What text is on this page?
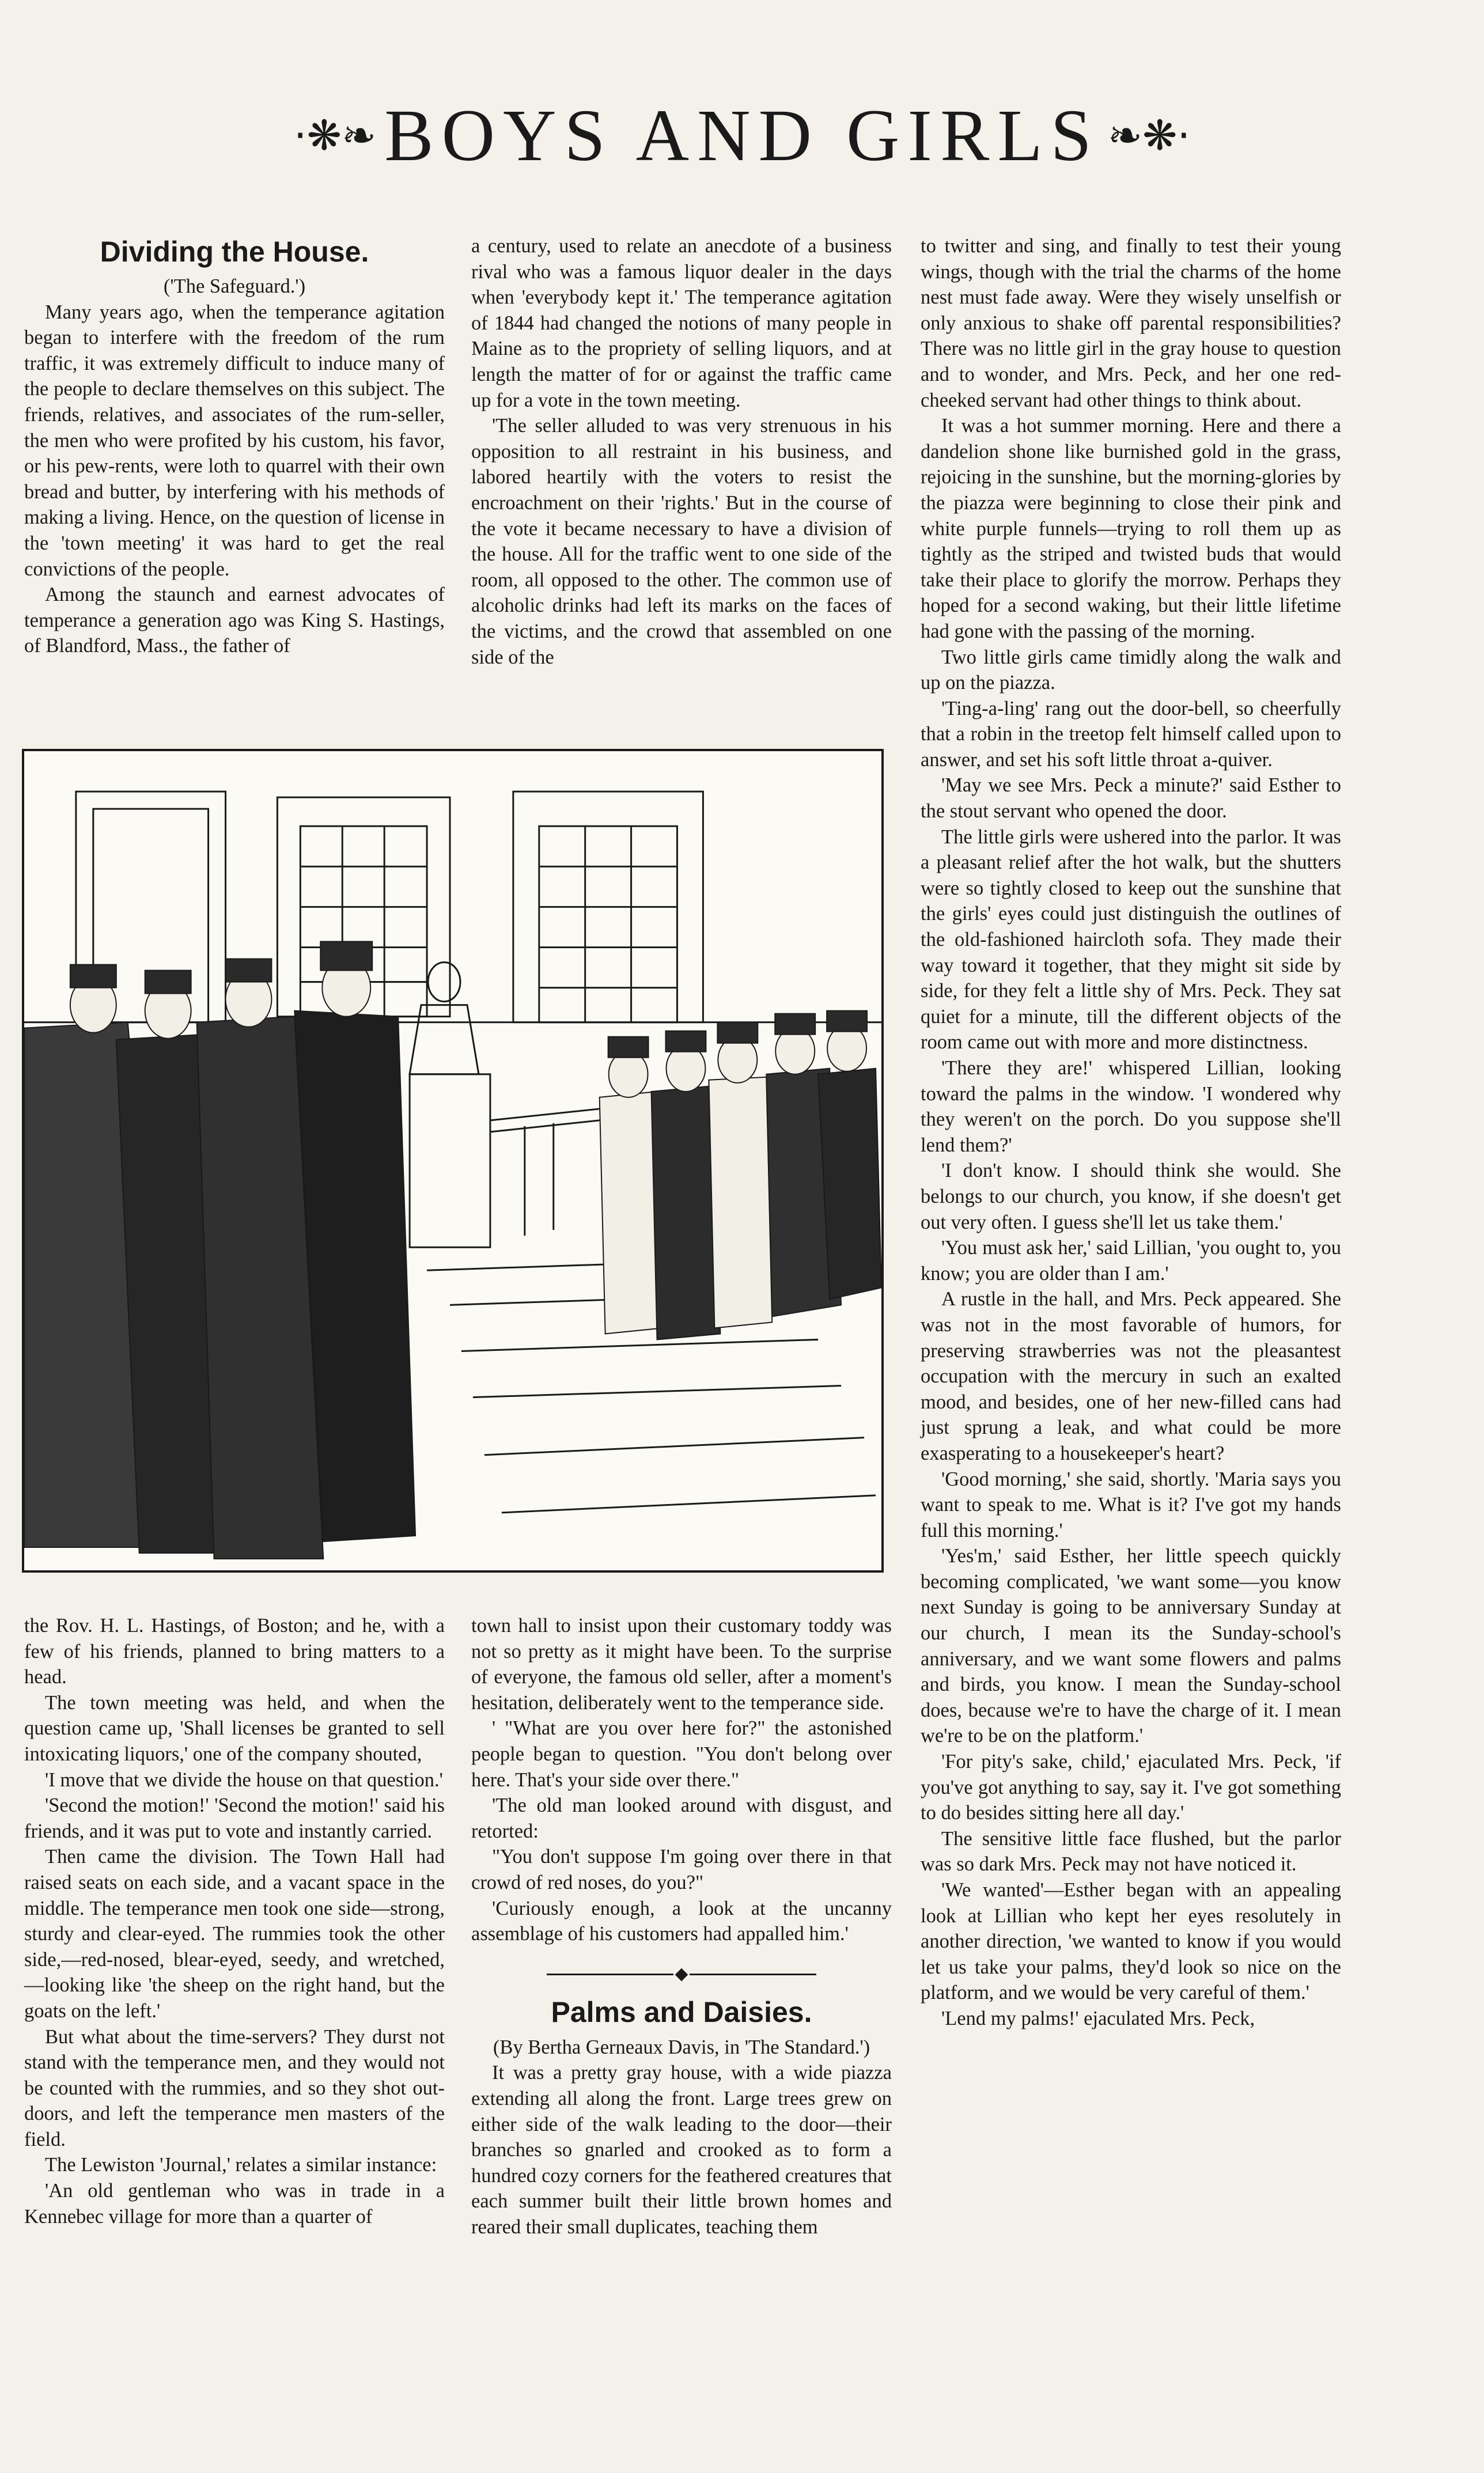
·❋❧ BOYS AND GIRLS ❧❋·
Dividing the House.

('The Safeguard.')

Many years ago, when the temperance agitation began to interfere with the freedom of the rum traffic, it was extremely difficult to induce many of the people to declare themselves on this subject. The friends, relatives, and associates of the rum-seller, the men who were profited by his custom, his favor, or his pew-rents, were loth to quarrel with their own bread and butter, by interfering with his methods of making a living. Hence, on the question of license in the 'town meeting' it was hard to get the real convictions of the people.

Among the staunch and earnest advocates of temperance a generation ago was King S. Hastings, of Blandford, Mass., the father of

a century, used to relate an anecdote of a business rival who was a famous liquor dealer in the days when 'everybody kept it.' The temperance agitation of 1844 had changed the notions of many people in Maine as to the propriety of selling liquors, and at length the matter of for or against the traffic came up for a vote in the town meeting.

'The seller alluded to was very strenuous in his opposition to all restraint in his business, and labored heartily with the voters to resist the encroachment on their 'rights.' But in the course of the vote it became necessary to have a division of the house. All for the traffic went to one side of the room, all opposed to the other. The common use of alcoholic drinks had left its marks on the faces of the victims, and the crowd that assembled on one side of the

to twitter and sing, and finally to test their young wings, though with the trial the charms of the home nest must fade away. Were they wisely unselfish or only anxious to shake off parental responsibilities? There was no little girl in the gray house to question and to wonder, and Mrs. Peck, and her one red-cheeked servant had other things to think about.

It was a hot summer morning. Here and there a dandelion shone like burnished gold in the grass, rejoicing in the sunshine, but the morning-glories by the piazza were beginning to close their pink and white purple funnels—trying to roll them up as tightly as the striped and twisted buds that would take their place to glorify the morrow. Perhaps they hoped for a second waking, but their little lifetime had gone with the passing of the morning.

Two little girls came timidly along the walk and up on the piazza.

'Ting-a-ling' rang out the door-bell, so cheerfully that a robin in the treetop felt himself called upon to answer, and set his soft little throat a-quiver.

'May we see Mrs. Peck a minute?' said Esther to the stout servant who opened the door.

The little girls were ushered into the parlor. It was a pleasant relief after the hot walk, but the shutters were so tightly closed to keep out the sunshine that the girls' eyes could just distinguish the outlines of the old-fashioned haircloth sofa. They made their way toward it together, that they might sit side by side, for they felt a little shy of Mrs. Peck. They sat quiet for a minute, till the different objects of the room came out with more and more distinctness.

'There they are!' whispered Lillian, looking toward the palms in the window. 'I wondered why they weren't on the porch. Do you suppose she'll lend them?'

'I don't know. I should think she would. She belongs to our church, you know, if she doesn't get out very often. I guess she'll let us take them.'

'You must ask her,' said Lillian, 'you ought to, you know; you are older than I am.'

A rustle in the hall, and Mrs. Peck appeared. She was not in the most favorable of humors, for preserving strawberries was not the pleasantest occupation with the mercury in such an exalted mood, and besides, one of her new-filled cans had just sprung a leak, and what could be more exasperating to a housekeeper's heart?

'Good morning,' she said, shortly. 'Maria says you want to speak to me. What is it? I've got my hands full this morning.'

'Yes'm,' said Esther, her little speech quickly becoming complicated, 'we want some—you know next Sunday is going to be anniversary Sunday at our church, I mean its the Sunday-school's anniversary, and we want some flowers and palms and birds, you know. I mean the Sunday-school does, because we're to have the charge of it. I mean we're to be on the platform.'

'For pity's sake, child,' ejaculated Mrs. Peck, 'if you've got anything to say, say it. I've got something to do besides sitting here all day.'

The sensitive little face flushed, but the parlor was so dark Mrs. Peck may not have noticed it.

'We wanted'—Esther began with an appealing look at Lillian who kept her eyes resolutely in another direction, 'we wanted to know if you would let us take your palms, they'd look so nice on the platform, and we would be very careful of them.'

'Lend my palms!' ejaculated Mrs. Peck,

the Rov. H. L. Hastings, of Boston; and he, with a few of his friends, planned to bring matters to a head.

The town meeting was held, and when the question came up, 'Shall licenses be granted to sell intoxicating liquors,' one of the company shouted,

'I move that we divide the house on that question.'

'Second the motion!' 'Second the motion!' said his friends, and it was put to vote and instantly carried.

Then came the division. The Town Hall had raised seats on each side, and a vacant space in the middle. The temperance men took one side—strong, sturdy and clear-eyed. The rummies took the other side,—red-nosed, blear-eyed, seedy, and wretched,—looking like 'the sheep on the right hand, but the goats on the left.'

But what about the time-servers? They durst not stand with the temperance men, and they would not be counted with the rummies, and so they shot out-doors, and left the temperance men masters of the field.

The Lewiston 'Journal,' relates a similar instance:

'An old gentleman who was in trade in a Kennebec village for more than a quarter of

town hall to insist upon their customary toddy was not so pretty as it might have been. To the surprise of everyone, the famous old seller, after a moment's hesitation, deliberately went to the temperance side.

' "What are you over here for?" the astonished people began to question. "You don't belong over here. That's your side over there."

'The old man looked around with disgust, and retorted:

"You don't suppose I'm going over there in that crowd of red noses, do you?"

'Curiously enough, a look at the uncanny assemblage of his customers had appalled him.'

Palms and Daisies.

(By Bertha Gerneaux Davis, in 'The Standard.')

It was a pretty gray house, with a wide piazza extending all along the front. Large trees grew on either side of the walk leading to the door—their branches so gnarled and crooked as to form a hundred cozy corners for the feathered creatures that each summer built their little brown homes and reared their small duplicates, teaching them
